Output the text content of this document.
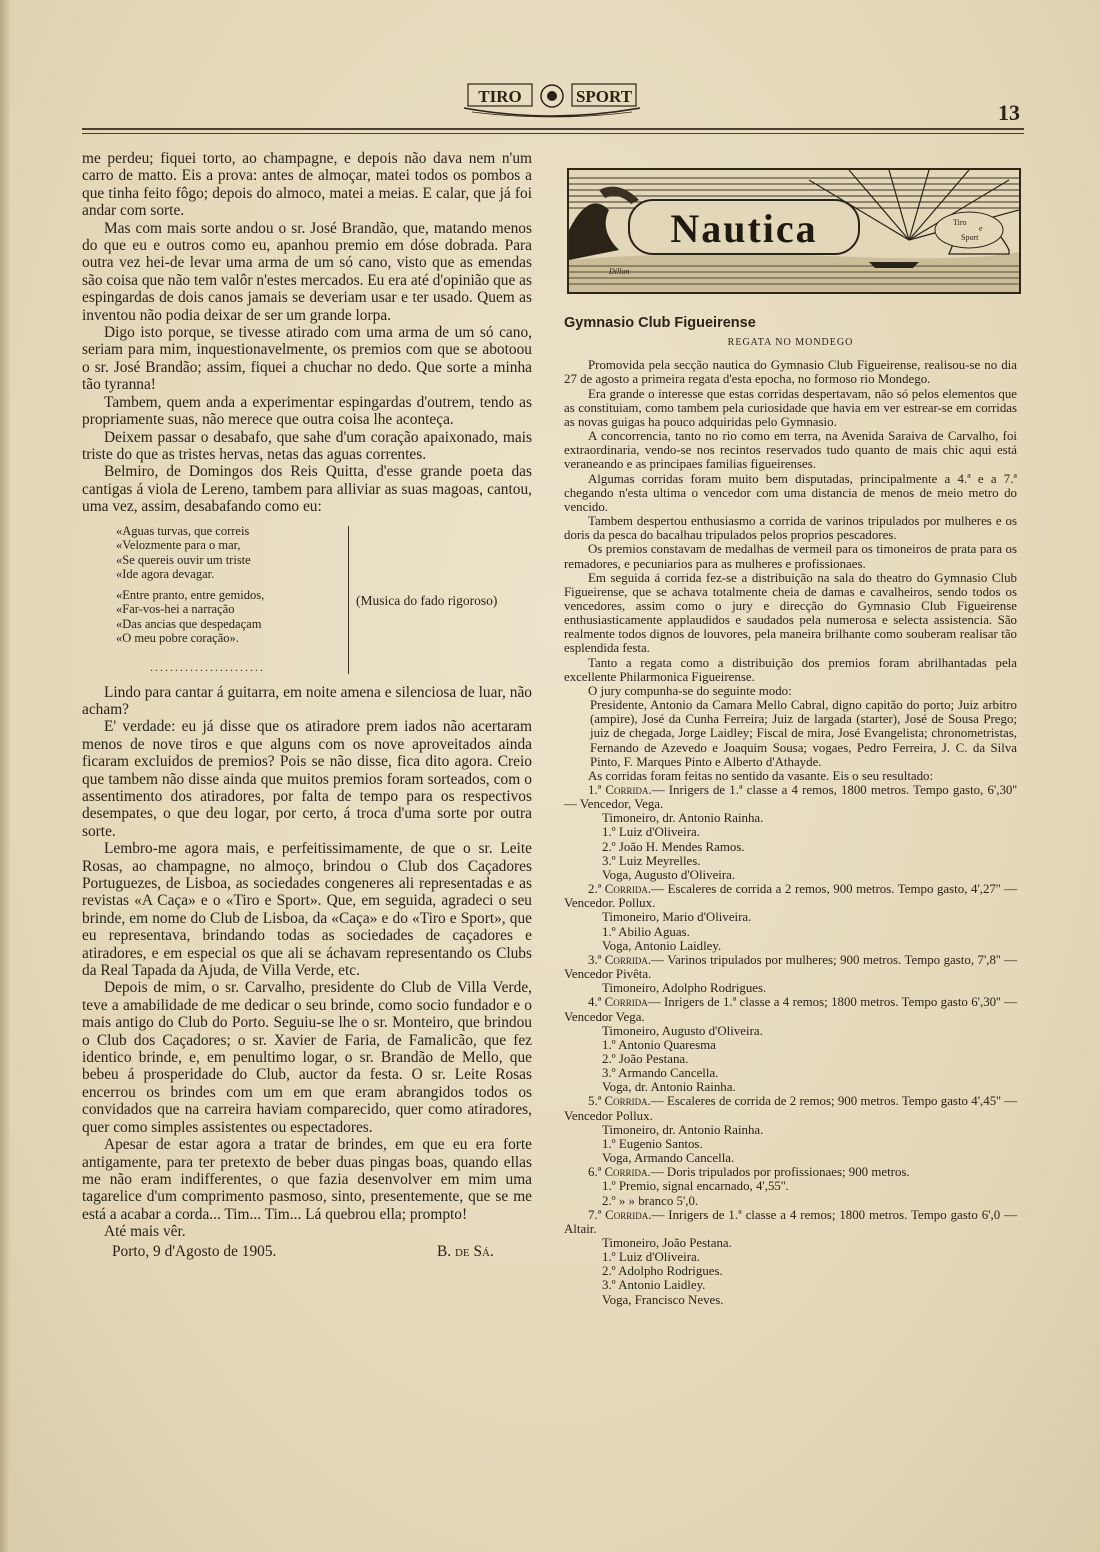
TIRO	SPORT
13

me perdeu; fiquei torto, ao champagne, e depois não dava nem n'um carro de matto. Eis a prova: antes de almoçar, matei todos os pombos a que tinha feito fôgo; depois do almoco, matei a meias. E calar, que já foi andar com sorte.

Mas com mais sorte andou o sr. José Brandão, que, matando menos do que eu e outros como eu, apanhou premio em dóse dobrada. Para outra vez hei-de levar uma arma de um só cano, visto que as emendas são coisa que não tem valôr n'estes mercados. Eu era até d'opinião que as espingardas de dois canos jamais se deveriam usar e ter usado. Quem as inventou não podia deixar de ser um grande lorpa.

Digo isto porque, se tivesse atirado com uma arma de um só cano, seriam para mim, inquestionavelmente, os premios com que se abotoou o sr. José Brandão; assim, fiquei a chuchar no dedo. Que sorte a minha tão tyranna!

Tambem, quem anda a experimentar espingardas d'outrem, tendo as propriamente suas, não merece que outra coisa lhe aconteça.

Deixem passar o desabafo, que sahe d'um coração apaixonado, mais triste do que as tristes hervas, netas das aguas correntes.

Belmiro, de Domingos dos Reis Quitta, d'esse grande poeta das cantigas á viola de Lereno, tambem para alliviar as suas magoas, cantou, uma vez, assim, desabafando como eu:

«Aguas turvas, que correis
«Velozmente para o mar,
«Se quereis ouvir um triste
«Ide agora devagar.
«Entre pranto, entre gemidos,
«Far-vos-hei a narração
«Das ancias que despedaçam
«O meu pobre coração».
(Musica do fado rigoroso)
.......................

Lindo para cantar á guitarra, em noite amena e silenciosa de luar, não acham?

E' verdade: eu já disse que os atiradore prem iados não acertaram menos de nove tiros e que alguns com os nove aproveitados ainda ficaram excluidos de premios? Pois se não disse, fica dito agora. Creio que tambem não disse ainda que muitos premios foram sorteados, com o assentimento dos atiradores, por falta de tempo para os respectivos desempates, o que deu logar, por certo, á troca d'uma sorte por outra sorte.

Lembro-me agora mais, e perfeitissimamente, de que o sr. Leite Rosas, ao champagne, no almoço, brindou o Club dos Caçadores Portuguezes, de Lisboa, as sociedades congeneres ali representadas e as revistas «A Caça» e o «Tiro e Sport». Que, em seguida, agradeci o seu brinde, em nome do Club de Lisboa, da «Caça» e do «Tiro e Sport», que eu representava, brindando todas as sociedades de caçadores e atiradores, e em especial os que ali se áchavam representando os Clubs da Real Tapada da Ajuda, de Villa Verde, etc.

Depois de mim, o sr. Carvalho, presidente do Club de Villa Verde, teve a amabilidade de me dedicar o seu brinde, como socio fundador e o mais antigo do Club do Porto. Seguiu-se lhe o sr. Monteiro, que brindou o Club dos Caçadores; o sr. Xavier de Faria, de Famalicão, que fez identico brinde, e, em penultimo logar, o sr. Brandão de Mello, que bebeu á prosperidade do Club, auctor da festa. O sr. Leite Rosas encerrou os brindes com um em que eram abrangidos todos os convidados que na carreira haviam comparecido, quer como atiradores, quer como simples assistentes ou espectadores.

Apesar de estar agora a tratar de brindes, em que eu era forte antigamente, para ter pretexto de beber duas pingas boas, quando ellas me não eram indifferentes, o que fazia desenvolver em mim uma tagarelice d'um comprimento pasmoso, sinto, presentemente, que se me está a acabar a corda... Tim... Tim... Lá quebrou ella; prompto!

Até mais vêr.

Porto, 9 d'Agosto de 1905.	B. de Sá.
Nautica	Tiro
e
Sport
Dillon

Gymnasio Club Figueirense

REGATA NO MONDEGO

Promovida pela secção nautica do Gymnasio Club Figueirense, realisou-se no dia 27 de agosto a primeira regata d'esta epocha, no formoso rio Mondego.

Era grande o interesse que estas corridas despertavam, não só pelos elementos que as constituiam, como tambem pela curiosidade que havia em ver estrear-se em corridas as novas guigas ha pouco adquiridas pelo Gymnasio.

A concorrencia, tanto no rio como em terra, na Avenida Saraiva de Carvalho, foi extraordinaria, vendo-se nos recintos reservados tudo quanto de mais chic aqui está veraneando e as principaes familias figueirenses.

Algumas corridas foram muito bem disputadas, principalmente a 4.ª e a 7.ª chegando n'esta ultima o vencedor com uma distancia de menos de meio metro do vencido.

Tambem despertou enthusiasmo a corrida de varinos tripulados por mulheres e os doris da pesca do bacalhau tripulados pelos proprios pescadores.

Os premios constavam de medalhas de vermeil para os timoneiros de prata para os remadores, e pecuniarios para as mulheres e profissionaes.

Em seguida á corrida fez-se a distribuição na sala do theatro do Gymnasio Club Figueirense, que se achava totalmente cheia de damas e cavalheiros, sendo todos os vencedores, assim como o jury e direcção do Gymnasio Club Figueirense enthusiasticamente applaudidos e saudados pela numerosa e selecta assistencia. São realmente todos dignos de louvores, pela maneira brilhante como souberam realisar tão esplendida festa.

Tanto a regata como a distribuição dos premios foram abrilhantadas pela excellente Philarmonica Figueirense.

O jury compunha-se do seguinte modo:

Presidente, Antonio da Camara Mello Cabral, digno capitão do porto; Juiz arbitro (ampire), José da Cunha Ferreira; Juiz de largada (starter), José de Sousa Prego; juiz de chegada, Jorge Laidley; Fiscal de mira, José Evangelista; chronometristas, Fernando de Azevedo e Joaquim Sousa; vogaes, Pedro Ferreira, J. C. da Silva Pinto, F. Marques Pinto e Alberto d'Athayde.

As corridas foram feitas no sentido da vasante. Eis o seu resultado:

1.ª Corrida.— Inrigers de 1.ª classe a 4 remos, 1800 metros. Tempo gasto, 6',30'' — Vencedor, Vega.

Timoneiro, dr. Antonio Rainha.

1.º Luiz d'Oliveira.

2.º João H. Mendes Ramos.

3.º Luiz Meyrelles.

Voga, Augusto d'Oliveira.

2.ª Corrida.— Escaleres de corrida a 2 remos, 900 metros. Tempo gasto, 4',27'' — Vencedor. Pollux.

Timoneiro, Mario d'Oliveira.

1.º Abilio Aguas.

Voga, Antonio Laidley.

3.ª Corrida.— Varinos tripulados por mulheres; 900 metros. Tempo gasto, 7',8'' — Vencedor Pivêta.

Timoneiro, Adolpho Rodrigues.

4.ª Corrida— Inrigers de 1.ª classe a 4 remos; 1800 metros. Tempo gasto 6',30'' — Vencedor Vega.

Timoneiro, Augusto d'Oliveira.

1.º Antonio Quaresma

2.º João Pestana.

3.º Armando Cancella.

Voga, dr. Antonio Rainha.

5.ª Corrida.— Escaleres de corrida de 2 remos; 900 metros. Tempo gasto 4',45'' — Vencedor Pollux.

Timoneiro, dr. Antonio Rainha.

1.º Eugenio Santos.

Voga, Armando Cancella.

6.ª Corrida.— Doris tripulados por profissionaes; 900 metros.

1.º Premio, signal encarnado, 4',55''.

2.º » » branco 5',0.

7.ª Corrida.— Inrigers de 1.ª classe a 4 remos; 1800 metros. Tempo gasto 6',0 — Altair.

Timoneiro, João Pestana.

1.º Luiz d'Oliveira.

2.º Adolpho Rodrigues.

3.º Antonio Laidley.

Voga, Francisco Neves.
